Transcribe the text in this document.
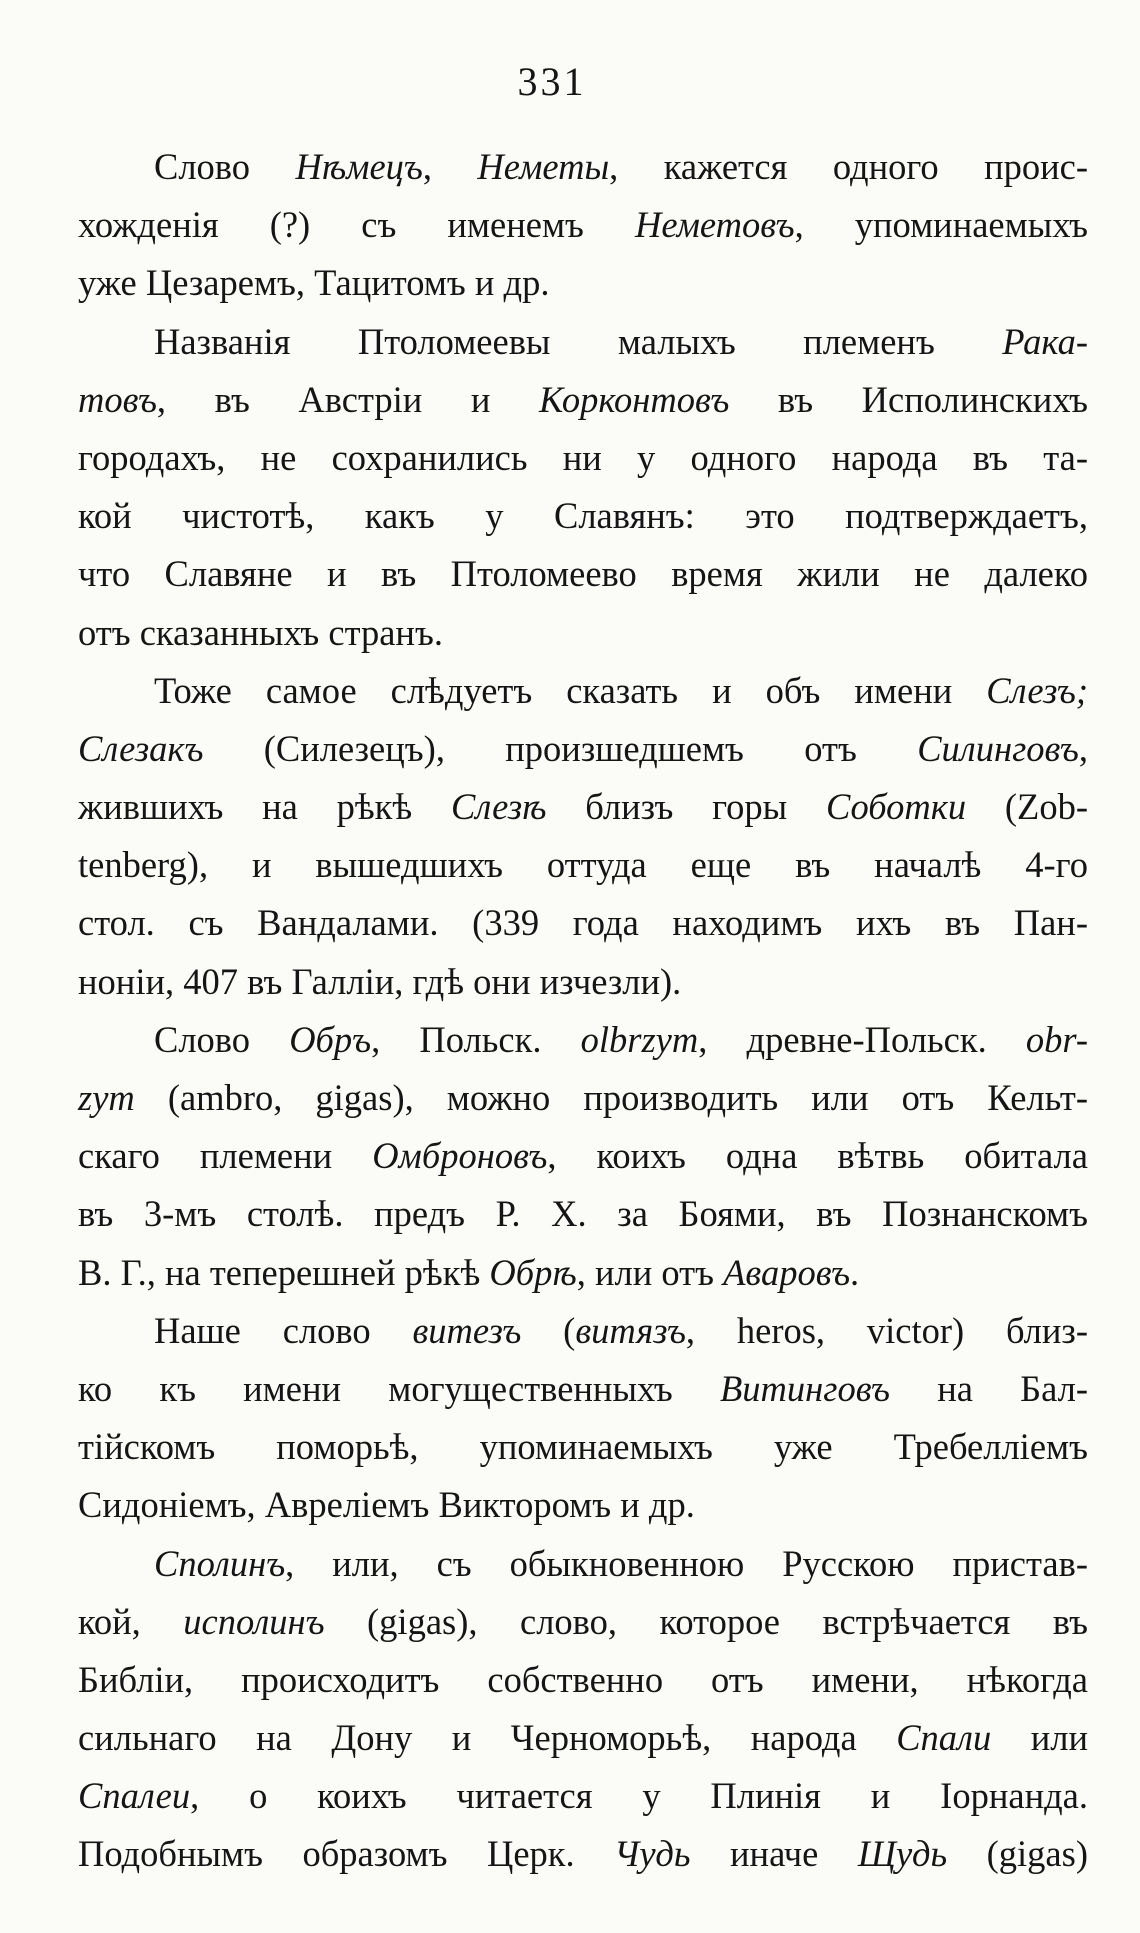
331
Слово Нѣмецъ, Неметы, кажется одного проис-
хожденія (?) съ именемъ Неметовъ, упоминаемыхъ
уже Цезаремъ, Тацитомъ и др.
Названія Птоломеевы малыхъ племенъ Рака-
товъ, въ Австріи и Корконтовъ въ Исполинскихъ
городахъ, не сохранились ни у одного народа въ та-
кой чистотѣ, какъ у Славянъ: это подтверждаетъ,
что Славяне и въ Птоломеево время жили не далеко
отъ сказанныхъ странъ.
Тоже самое слѣдуетъ сказать и объ имени Слезъ;
Слезакъ (Силезецъ), произшедшемъ отъ Силинговъ,
жившихъ на рѣкѣ Слезѣ близъ горы Соботки (Zob-
tenberg), и вышедшихъ оттуда еще въ началѣ 4-го
стол. съ Вандалами. (339 года находимъ ихъ въ Пан-
ноніи, 407 въ Галліи, гдѣ они изчезли).
Слово Обръ, Польск. olbrzym, древне-Польск. obr-
zym (ambro, gigas), можно производить или отъ Кельт-
скаго племени Омброновъ, коихъ одна вѣтвь обитала
въ 3-мъ столѣ. предъ Р. Х. за Боями, въ Познанскомъ
В. Г., на теперешней рѣкѣ Обрѣ, или отъ Аваровъ.
Наше слово витезъ (витязъ, heros, victor) близ-
ко къ имени могущественныхъ Витинговъ на Бал-
тійскомъ поморьѣ, упоминаемыхъ уже Требелліемъ
Сидоніемъ, Авреліемъ Викторомъ и др.
Сполинъ, или, съ обыкновенною Русскою пристав-
кой, исполинъ (gigas), слово, которое встрѣчается въ
Библіи, происходитъ собственно отъ имени, нѣкогда
сильнаго на Дону и Черноморьѣ, народа Спали или
Спалеи, о коихъ читается у Плинія и Іорнанда.
Подобнымъ образомъ Церк. Чудь иначе Щудь (gigas)
